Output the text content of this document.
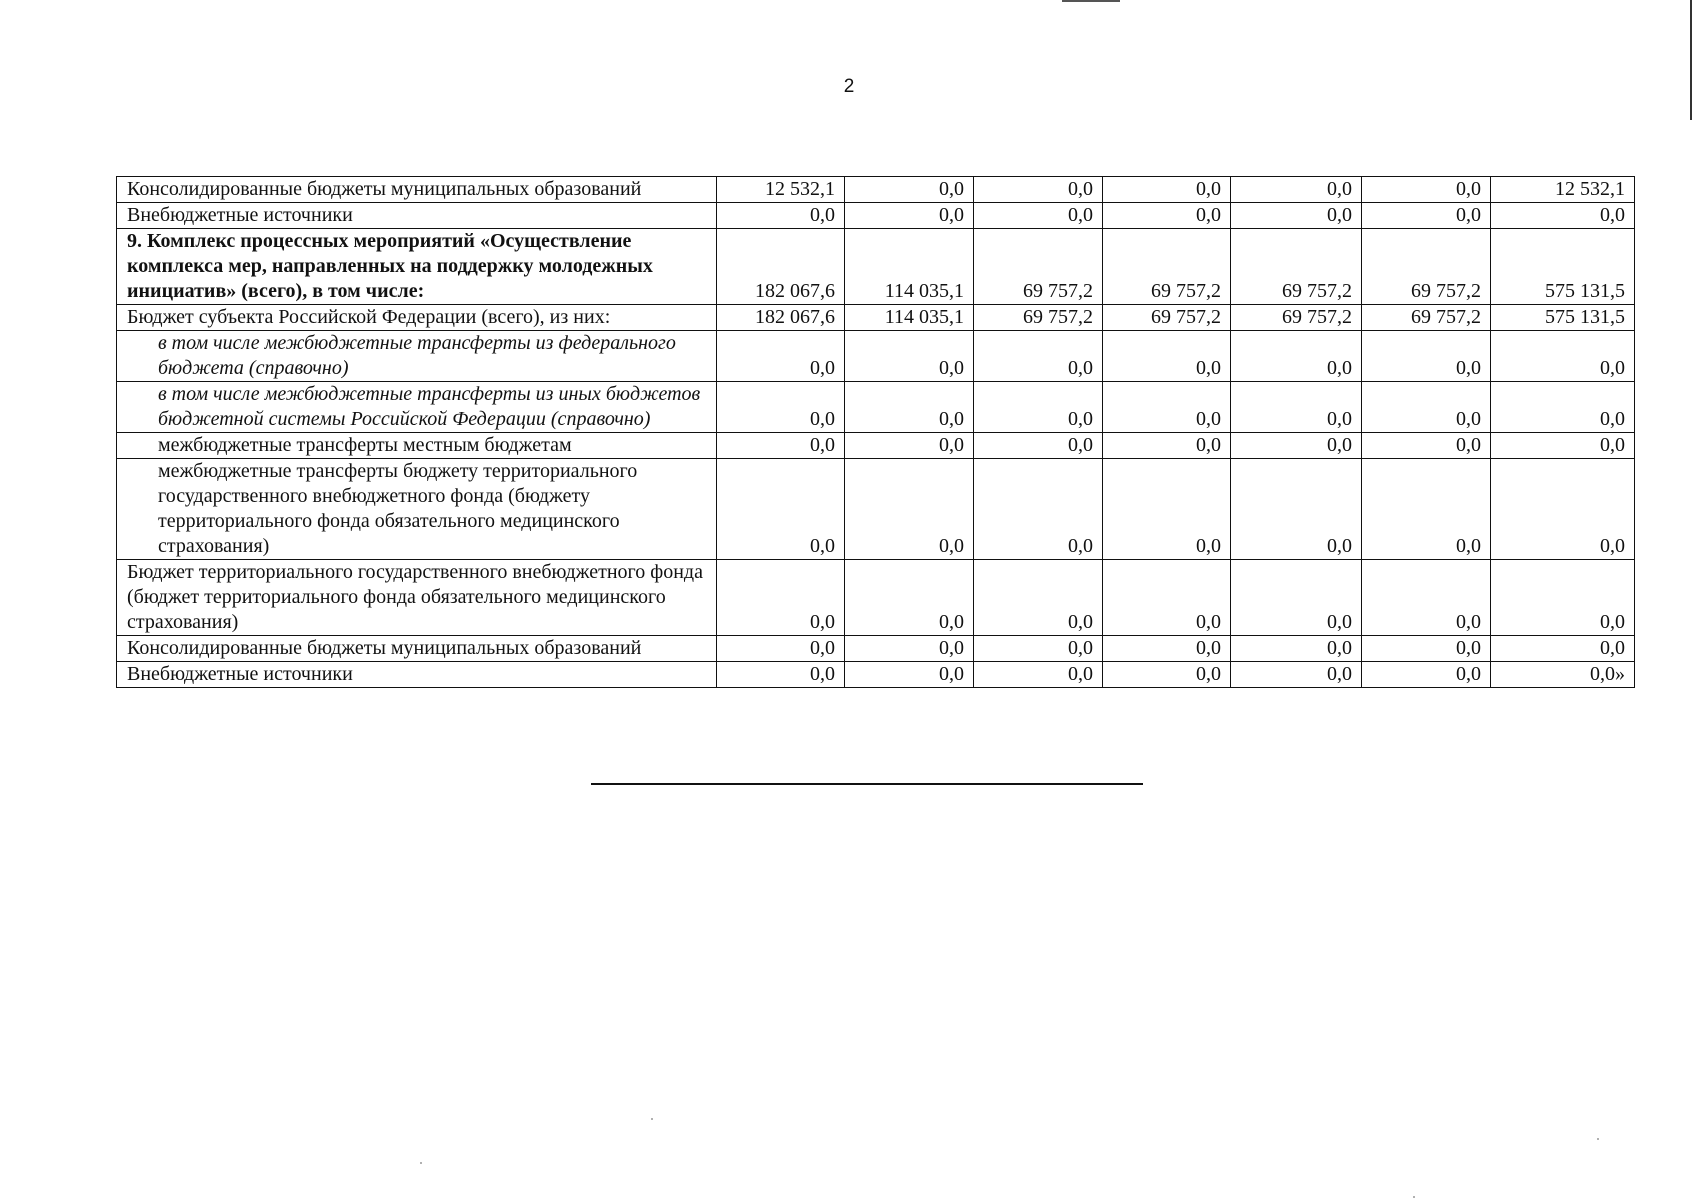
2
Консолидированные бюджеты муниципальных образований	12 532,1	0,0	0,0	0,0	0,0	0,0	12 532,1
Внебюджетные источники	0,0	0,0	0,0	0,0	0,0	0,0	0,0
9. Комплекс процессных мероприятий «Осуществление комплекса мер, направленных на поддержку молодежных инициатив» (всего), в том числе:	182 067,6	114 035,1	69 757,2	69 757,2	69 757,2	69 757,2	575 131,5
Бюджет субъекта Российской Федерации (всего), из них:	182 067,6	114 035,1	69 757,2	69 757,2	69 757,2	69 757,2	575 131,5
в том числе межбюджетные трансферты из федерального бюджета (справочно)	0,0	0,0	0,0	0,0	0,0	0,0	0,0
в том числе межбюджетные трансферты из иных бюджетов бюджетной системы Российской Федерации (справочно)	0,0	0,0	0,0	0,0	0,0	0,0	0,0
межбюджетные трансферты местным бюджетам	0,0	0,0	0,0	0,0	0,0	0,0	0,0
межбюджетные трансферты бюджету территориального государственного внебюджетного фонда (бюджету территориального фонда обязательного медицинского страхования)	0,0	0,0	0,0	0,0	0,0	0,0	0,0
Бюджет территориального государственного внебюджетного фонда (бюджет территориального фонда обязательного медицинского страхования)	0,0	0,0	0,0	0,0	0,0	0,0	0,0
Консолидированные бюджеты муниципальных образований	0,0	0,0	0,0	0,0	0,0	0,0	0,0
Внебюджетные источники	0,0	0,0	0,0	0,0	0,0	0,0	0,0»
